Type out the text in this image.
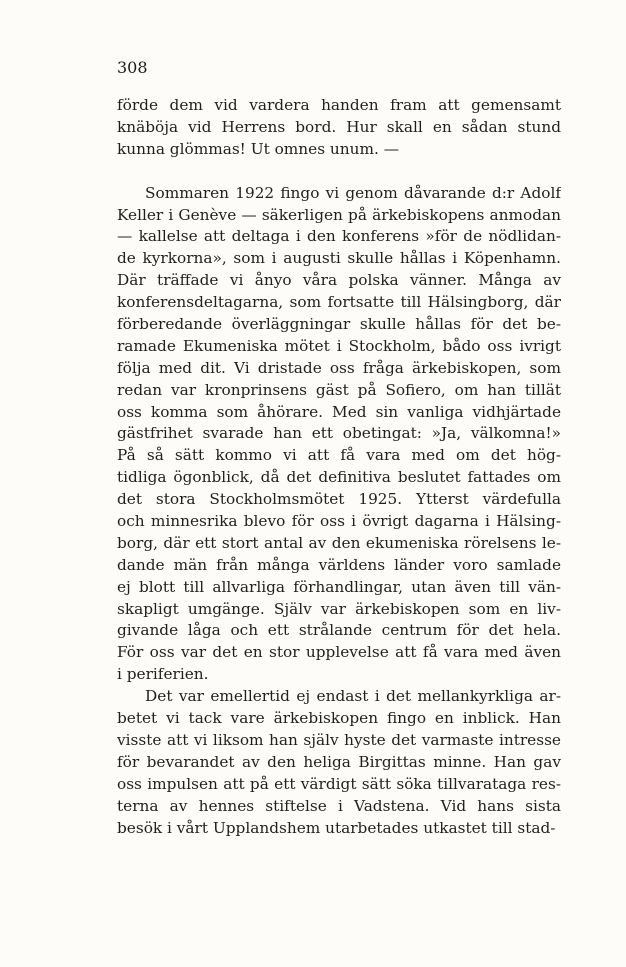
308
förde dem vid vardera handen fram att gemensamt
knäböja vid Herrens bord. Hur skall en sådan stund
kunna glömmas! Ut omnes unum. —
Sommaren 1922 fingo vi genom dåvarande d:r Adolf
Keller i Genève — säkerligen på ärkebiskopens anmodan
— kallelse att deltaga i den konferens »för de nödlidan-
de kyrkorna», som i augusti skulle hållas i Köpenhamn.
Där träffade vi ånyo våra polska vänner. Många av
konferensdeltagarna, som fortsatte till Hälsingborg, där
förberedande överläggningar skulle hållas för det be-
ramade Ekumeniska mötet i Stockholm, bådo oss ivrigt
följa med dit. Vi dristade oss fråga ärkebiskopen, som
redan var kronprinsens gäst på Sofiero, om han tillät
oss komma som åhörare. Med sin vanliga vidhjärtade
gästfrihet svarade han ett obetingat: »Ja, välkomna!»
På så sätt kommo vi att få vara med om det hög-
tidliga ögonblick, då det definitiva beslutet fattades om
det stora Stockholmsmötet 1925. Ytterst värdefulla
och minnesrika blevo för oss i övrigt dagarna i Hälsing-
borg, där ett stort antal av den ekumeniska rörelsens le-
dande män från många världens länder voro samlade
ej blott till allvarliga förhandlingar, utan även till vän-
skapligt umgänge. Själv var ärkebiskopen som en liv-
givande låga och ett strålande centrum för det hela.
För oss var det en stor upplevelse att få vara med även
i periferien.
Det var emellertid ej endast i det mellankyrkliga ar-
betet vi tack vare ärkebiskopen fingo en inblick. Han
visste att vi liksom han själv hyste det varmaste intresse
för bevarandet av den heliga Birgittas minne. Han gav
oss impulsen att på ett värdigt sätt söka tillvarataga res-
terna av hennes stiftelse i Vadstena. Vid hans sista
besök i vårt Upplandshem utarbetades utkastet till stad-
